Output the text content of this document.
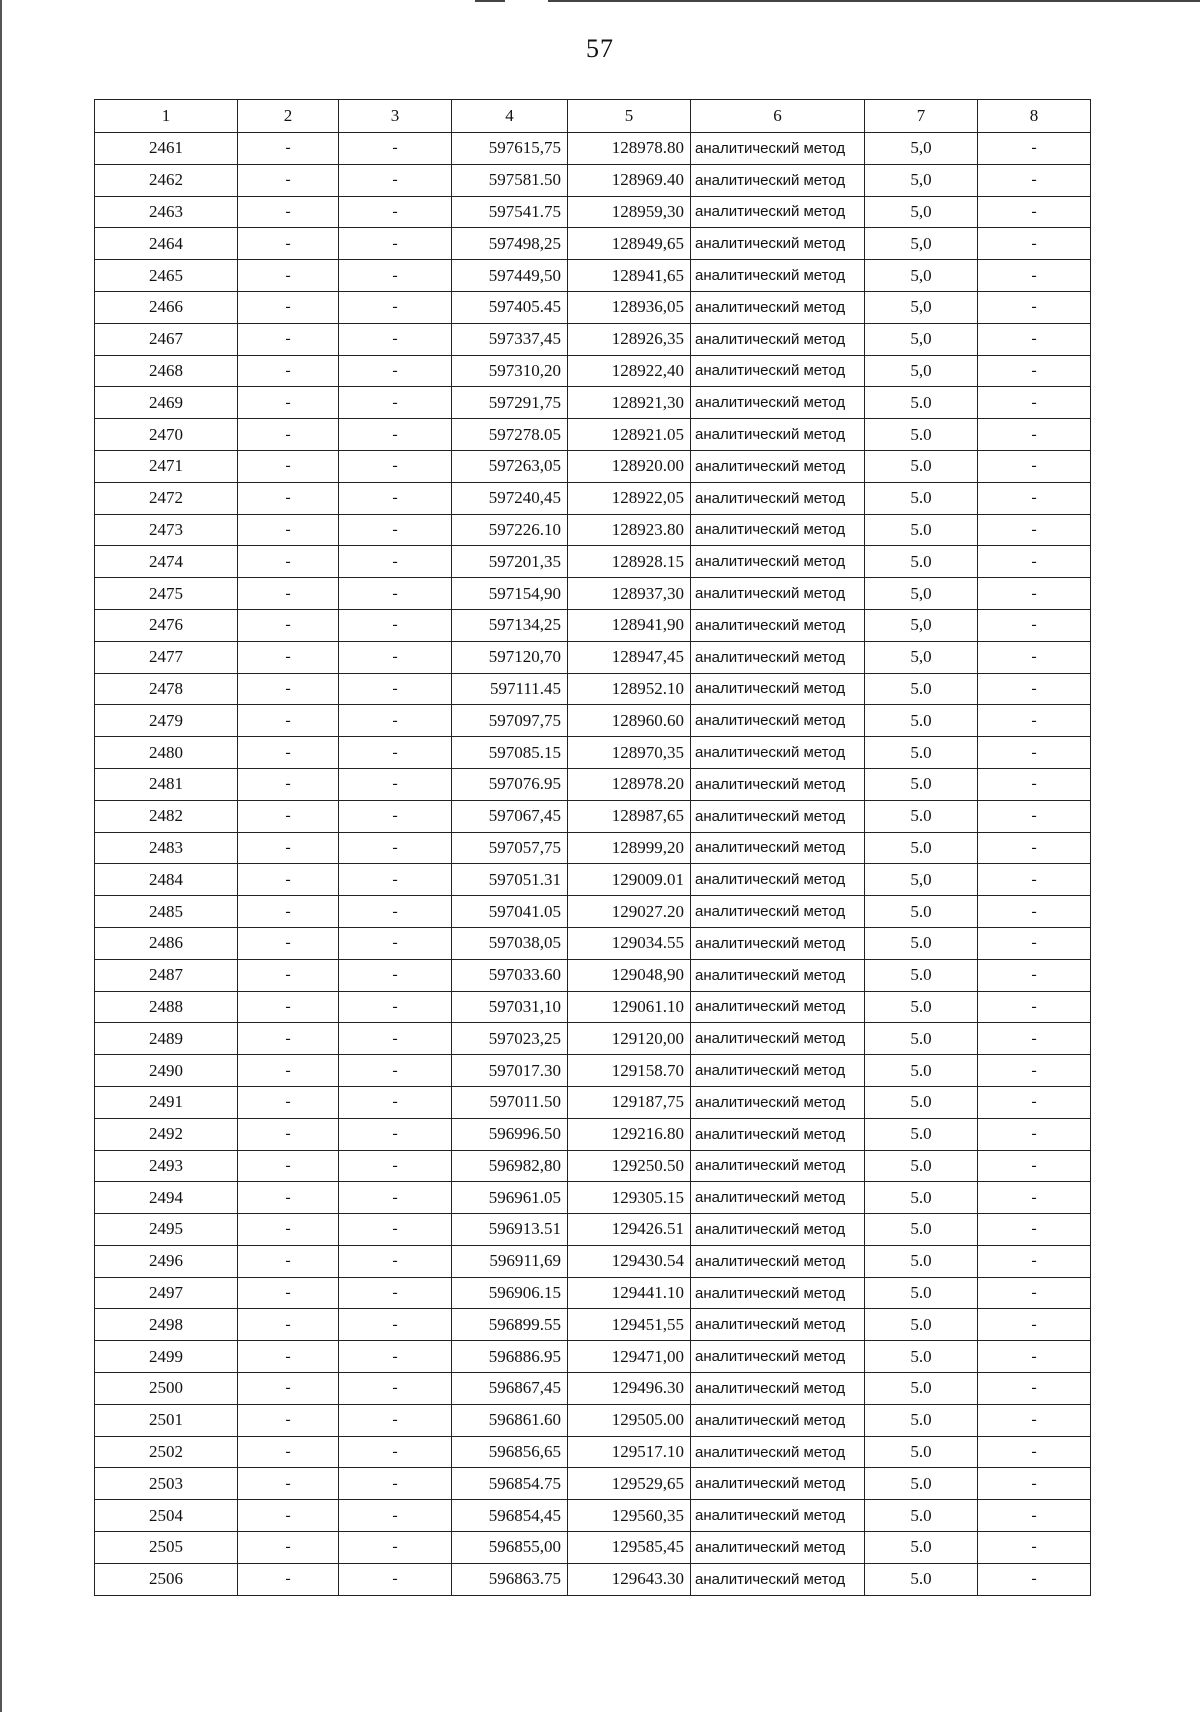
57
1	2	3	4	5	6	7	8
2461	-	-	597615,75	128978.80	аналитический метод	5,0	-
2462	-	-	597581.50	128969.40	аналитический метод	5,0	-
2463	-	-	597541.75	128959,30	аналитический метод	5,0	-
2464	-	-	597498,25	128949,65	аналитический метод	5,0	-
2465	-	-	597449,50	128941,65	аналитический метод	5,0	-
2466	-	-	597405.45	128936,05	аналитический метод	5,0	-
2467	-	-	597337,45	128926,35	аналитический метод	5,0	-
2468	-	-	597310,20	128922,40	аналитический метод	5,0	-
2469	-	-	597291,75	128921,30	аналитический метод	5.0	-
2470	-	-	597278.05	128921.05	аналитический метод	5.0	-
2471	-	-	597263,05	128920.00	аналитический метод	5.0	-
2472	-	-	597240,45	128922,05	аналитический метод	5.0	-
2473	-	-	597226.10	128923.80	аналитический метод	5.0	-
2474	-	-	597201,35	128928.15	аналитический метод	5.0	-
2475	-	-	597154,90	128937,30	аналитический метод	5,0	-
2476	-	-	597134,25	128941,90	аналитический метод	5,0	-
2477	-	-	597120,70	128947,45	аналитический метод	5,0	-
2478	-	-	597111.45	128952.10	аналитический метод	5.0	-
2479	-	-	597097,75	128960.60	аналитический метод	5.0	-
2480	-	-	597085.15	128970,35	аналитический метод	5.0	-
2481	-	-	597076.95	128978.20	аналитический метод	5.0	-
2482	-	-	597067,45	128987,65	аналитический метод	5.0	-
2483	-	-	597057,75	128999,20	аналитический метод	5.0	-
2484	-	-	597051.31	129009.01	аналитический метод	5,0	-
2485	-	-	597041.05	129027.20	аналитический метод	5.0	-
2486	-	-	597038,05	129034.55	аналитический метод	5.0	-
2487	-	-	597033.60	129048,90	аналитический метод	5.0	-
2488	-	-	597031,10	129061.10	аналитический метод	5.0	-
2489	-	-	597023,25	129120,00	аналитический метод	5.0	-
2490	-	-	597017.30	129158.70	аналитический метод	5.0	-
2491	-	-	597011.50	129187,75	аналитический метод	5.0	-
2492	-	-	596996.50	129216.80	аналитический метод	5.0	-
2493	-	-	596982,80	129250.50	аналитический метод	5.0	-
2494	-	-	596961.05	129305.15	аналитический метод	5.0	-
2495	-	-	596913.51	129426.51	аналитический метод	5.0	-
2496	-	-	596911,69	129430.54	аналитический метод	5.0	-
2497	-	-	596906.15	129441.10	аналитический метод	5.0	-
2498	-	-	596899.55	129451,55	аналитический метод	5.0	-
2499	-	-	596886.95	129471,00	аналитический метод	5.0	-
2500	-	-	596867,45	129496.30	аналитический метод	5.0	-
2501	-	-	596861.60	129505.00	аналитический метод	5.0	-
2502	-	-	596856,65	129517.10	аналитический метод	5.0	-
2503	-	-	596854.75	129529,65	аналитический метод	5.0	-
2504	-	-	596854,45	129560,35	аналитический метод	5.0	-
2505	-	-	596855,00	129585,45	аналитический метод	5.0	-
2506	-	-	596863.75	129643.30	аналитический метод	5.0	-
